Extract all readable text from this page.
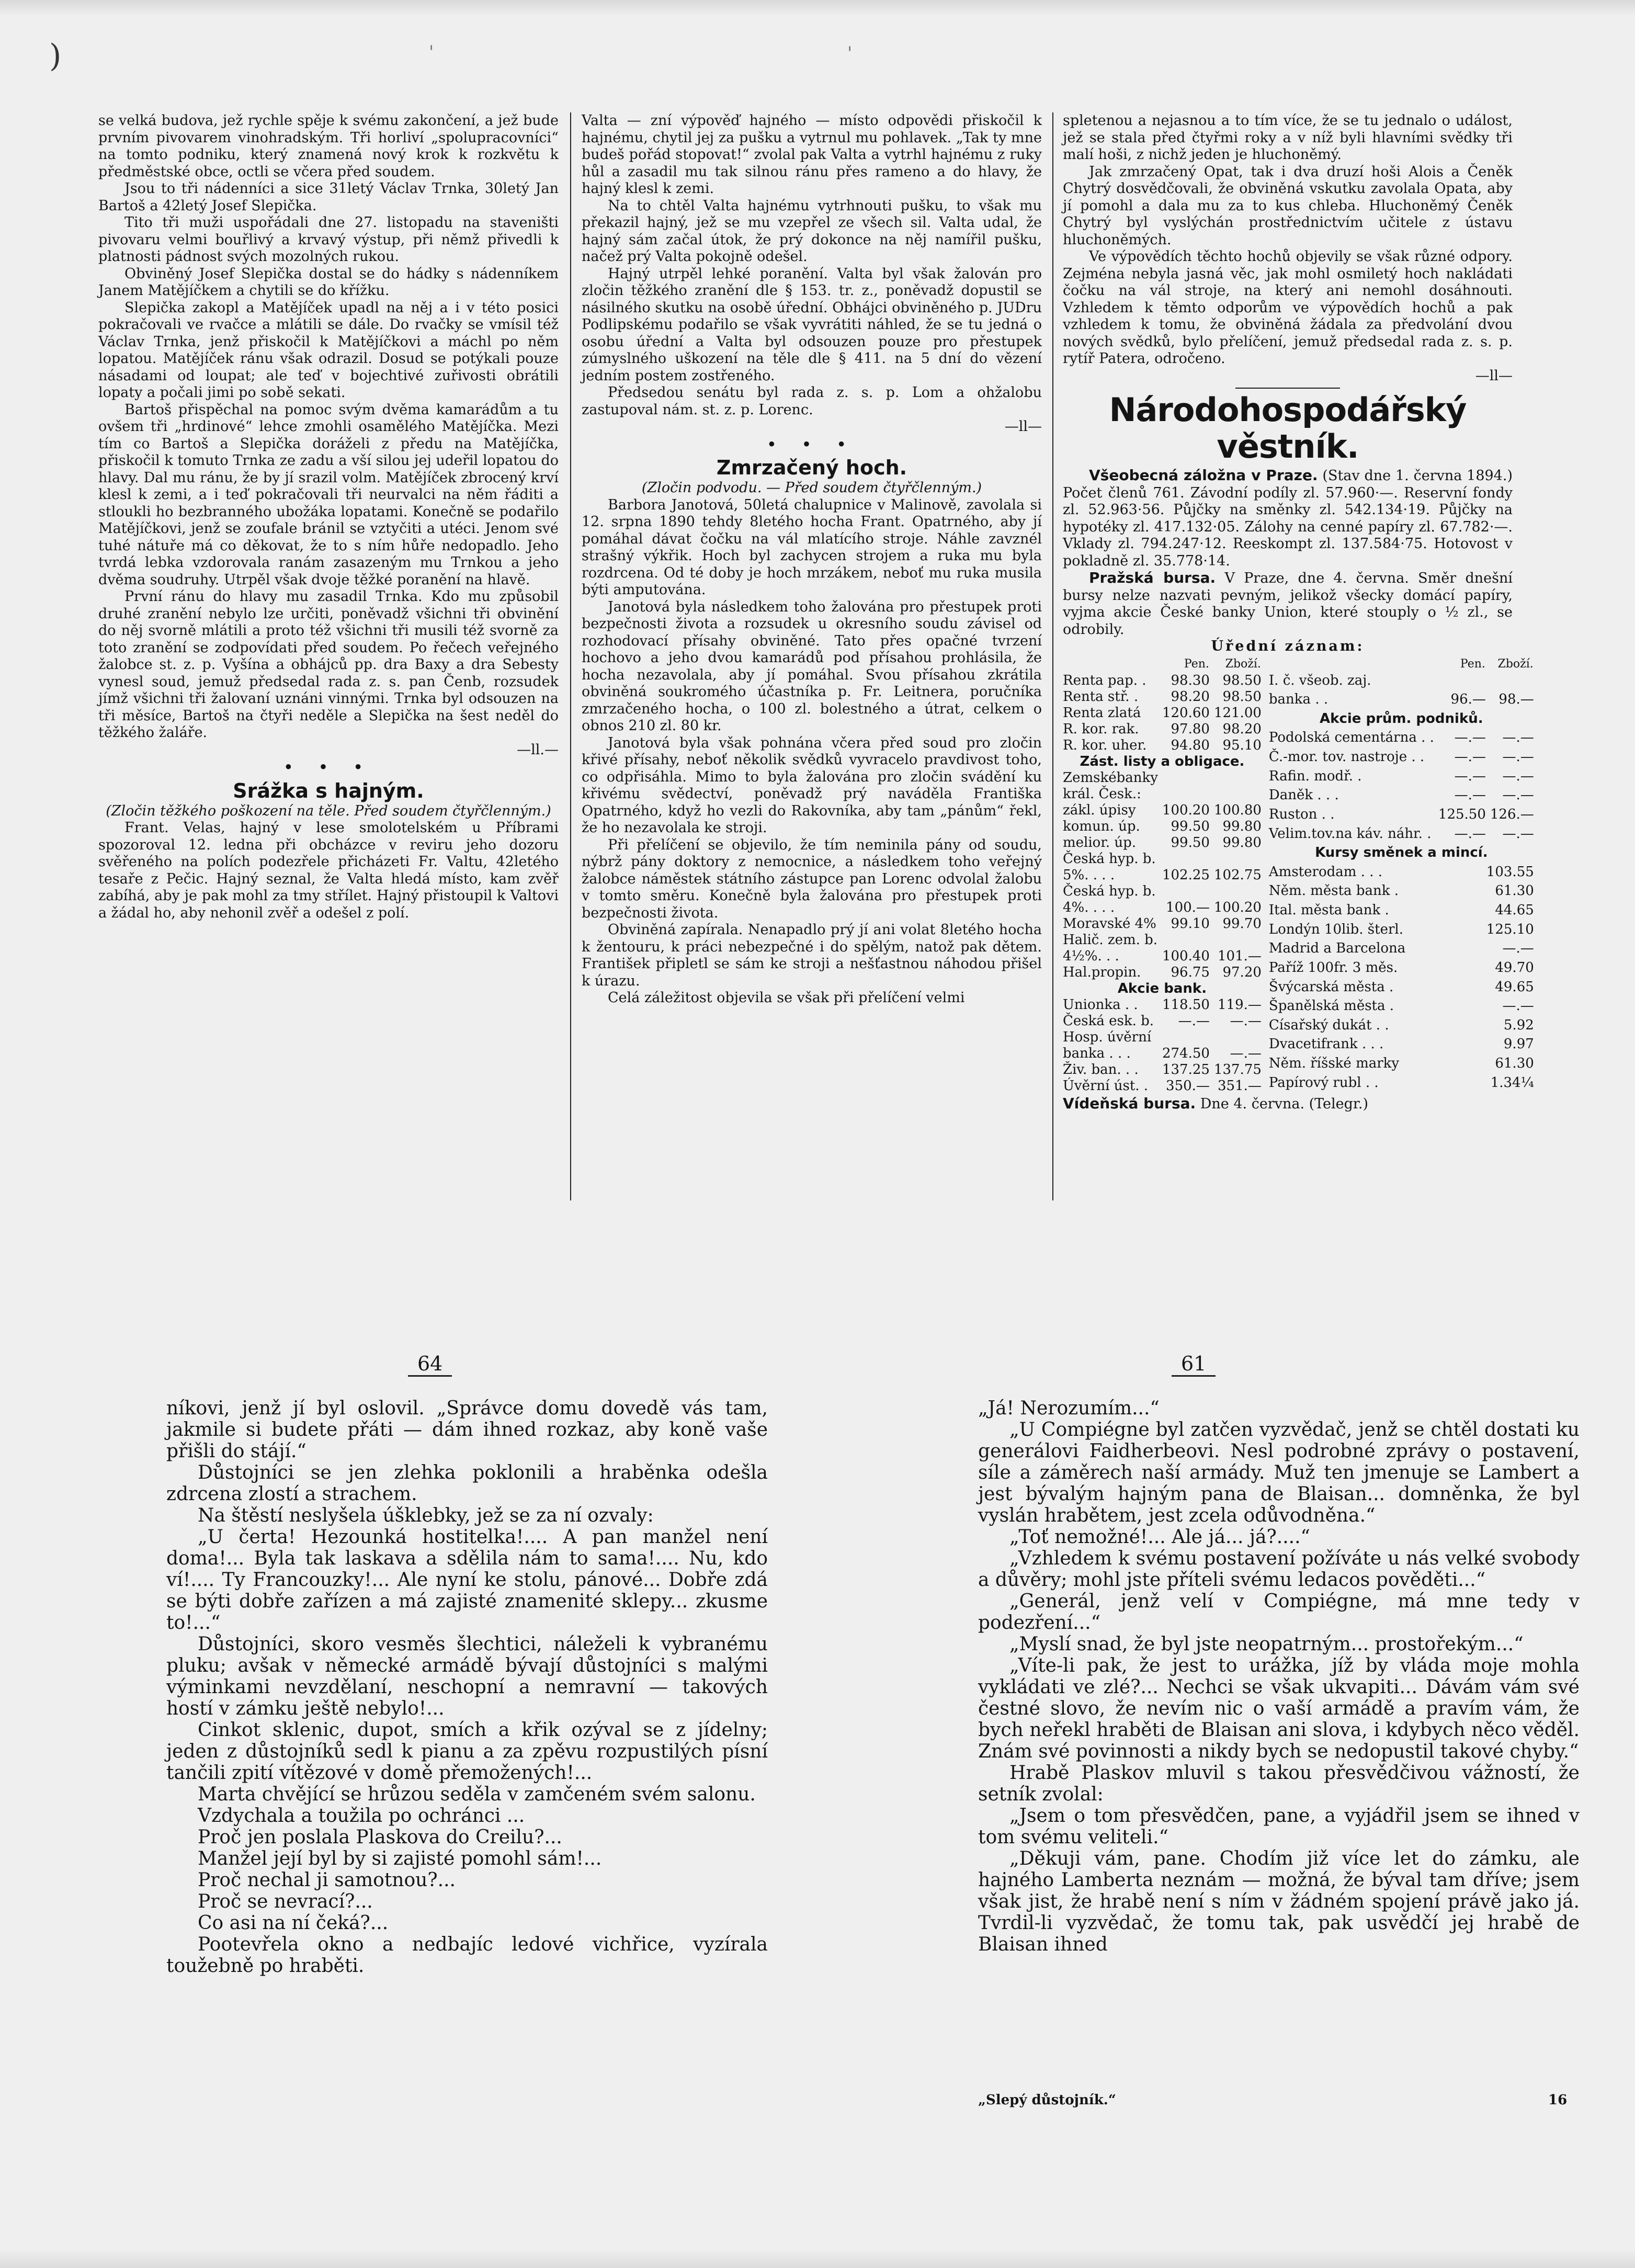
)	'	'

se velká budova, jež rychle spěje k svému zakončení, a jež bude prvním pivovarem vinohradským. Tři horliví „spolupracovníci“ na tomto podniku, který znamená nový krok k rozkvětu k předměstské obce, octli se včera před soudem.

Jsou to tři nádenníci a sice 31letý Václav Trnka, 30letý Jan Bartoš a 42letý Josef Slepička.

Tito tři muži uspořádali dne 27. listopadu na staveništi pivovaru velmi bouřlivý a krvavý výstup, při němž přivedli k platnosti pádnost svých mozolných rukou.

Obviněný Josef Slepička dostal se do hádky s nádenníkem Janem Matějíčkem a chytili se do křížku.

Slepička zakopl a Matějíček upadl na něj a i v této posici pokračovali ve rvačce a mlátili se dále. Do rvačky se vmísil též Václav Trnka, jenž přiskočil k Matějíčkovi a máchl po něm lopatou. Matějíček ránu však odrazil. Dosud se potýkali pouze násadami od loupat; ale teď v bojechtivé zuřivosti obrátili lopaty a počali jimi po sobě sekati.

Bartoš přispěchal na pomoc svým dvěma kamarádům a tu ovšem tři „hrdinové“ lehce zmohli osamělého Matějíčka. Mezi tím co Bartoš a Slepička doráželi z předu na Matějíčka, přiskočil k tomuto Trnka ze zadu a vší silou jej udeřil lopatou do hlavy. Dal mu ránu, že by jí srazil volm. Matějíček zbrocený krví klesl k zemi, a i teď pokračovali tři neurvalci na něm řáditi a stloukli ho bezbranného ubožáka lopatami. Konečně se podařilo Matějíčkovi, jenž se zoufale bránil se vztyčiti a utéci. Jenom své tuhé nátuře má co děkovat, že to s ním hůře nedopadlo. Jeho tvrdá lebka vzdorovala ranám zasazeným mu Trnkou a jeho dvěma soudruhy. Utrpěl však dvoje těžké poranění na hlavě.

První ránu do hlavy mu zasadil Trnka. Kdo mu způsobil druhé zranění nebylo lze určiti, poněvadž všichni tři obvinění do něj svorně mlátili a proto též všichni tři musili též svorně za toto zranění se zodpovídati před soudem. Po řečech veřejného žalobce st. z. p. Vyšína a obhájců pp. dra Baxy a dra Sebesty vynesl soud, jemuž předsedal rada z. s. pan Čenb, rozsudek jímž všichni tři žalovaní uznáni vinnými. Trnka byl odsouzen na tři měsíce, Bartoš na čtyři neděle a Slepička na šest neděl do těžkého žaláře.

—ll.—

• • •

Srážka s hajným.

(Zločin těžkého poškození na těle. Před soudem čtyřčlenným.)

Frant. Velas, hajný v lese smolotelském u Příbrami spozoroval 12. ledna při obcházce v reviru jeho dozoru svěřeného na polích podezřele přicházeti Fr. Valtu, 42letého tesaře z Pečic. Hajný seznal, že Valta hledá místo, kam zvěř zabíhá, aby je pak mohl za tmy střílet. Hajný přistoupil k Valtovi a žádal ho, aby nehonil zvěř a odešel z polí.

Valta — zní výpověď hajného — místo odpovědi přiskočil k hajnému, chytil jej za pušku a vytrnul mu pohlavek. „Tak ty mne budeš pořád stopovat!“ zvolal pak Valta a vytrhl hajnému z ruky hůl a zasadil mu tak silnou ránu přes rameno a do hlavy, že hajný klesl k zemi.

Na to chtěl Valta hajnému vytrhnouti pušku, to však mu překazil hajný, jež se mu vzepřel ze všech sil. Valta udal, že hajný sám začal útok, že prý dokonce na něj namířil pušku, načež prý Valta pokojně odešel.

Hajný utrpěl lehké poranění. Valta byl však žalován pro zločin těžkého zranění dle § 153. tr. z., poněvadž dopustil se násilného skutku na osobě úřední. Obhájci obviněného p. JUDru Podlipskému podařilo se však vyvrátiti náhled, že se tu jedná o osobu úřední a Valta byl odsouzen pouze pro přestupek zúmyslného uškození na těle dle § 411. na 5 dní do vězení jedním postem zostřeného.

Předsedou senátu byl rada z. s. p. Lom a ohžalobu zastupoval nám. st. z. p. Lorenc.

—ll—

• • •

Zmrzačený hoch.

(Zločin podvodu. — Před soudem čtyřčlenným.)

Barbora Janotová, 50letá chalupnice v Malinově, zavolala si 12. srpna 1890 tehdy 8letého hocha Frant. Opatrného, aby jí pomáhal dávat čočku na vál mlatícího stroje. Náhle zavznél strašný výkřik. Hoch byl zachycen strojem a ruka mu byla rozdrcena. Od té doby je hoch mrzákem, neboť mu ruka musila býti amputována.

Janotová byla následkem toho žalována pro přestupek proti bezpečnosti života a rozsudek u okresního soudu závisel od rozhodovací přísahy obviněné. Tato přes opačné tvrzení hochovo a jeho dvou kamarádů pod přísahou prohlásila, že hocha nezavolala, aby jí pomáhal. Svou přísahou zkrátila obviněná soukromého účastníka p. Fr. Leitnera, poručníka zmrzačeného hocha, o 100 zl. bolestného a útrat, celkem o obnos 210 zl. 80 kr.

Janotová byla však pohnána včera před soud pro zločin křivé přísahy, neboť několik svědků vyvracelo pravdivost toho, co odpřisáhla. Mimo to byla žalována pro zločin svádění ku křivému svědectví, poněvadž prý naváděla Františka Opatrného, když ho vezli do Rakovníka, aby tam „pánům“ řekl, že ho nezavolala ke stroji.

Při přelíčení se objevilo, že tím neminila pány od soudu, nýbrž pány doktory z nemocnice, a následkem toho veřejný žalobce náměstek státního zástupce pan Lorenc odvolal žalobu v tomto směru. Konečně byla žalována pro přestupek proti bezpečnosti života.

Obviněná zapírala. Nenapadlo prý jí ani volat 8letého hocha k žentouru, k práci nebezpečné i do spělým, natož pak dětem. František připletl se sám ke stroji a nešťastnou náhodou přišel k úrazu.

Celá záležitost objevila se však při přelíčení velmi

spletenou a nejasnou a to tím více, že se tu jednalo o událost, jež se stala před čtyřmi roky a v níž byli hlavními svědky tři malí hoši, z nichž jeden je hluchoněmý.

Jak zmrzačený Opat, tak i dva druzí hoši Alois a Čeněk Chytrý dosvědčovali, že obviněná vskutku zavolala Opata, aby jí pomohl a dala mu za to kus chleba. Hluchoněmý Čeněk Chytrý byl vyslýchán prostřednictvím učitele z ústavu hluchoněmých.

Ve výpovědích těchto hochů objevily se však různé odpory. Zejména nebyla jasná věc, jak mohl osmiletý hoch nakládati čočku na vál stroje, na který ani nemohl dosáhnouti. Vzhledem k těmto odporům ve výpovědích hochů a pak vzhledem k tomu, že obviněná žádala za předvolání dvou nových svědků, bylo přelíčení, jemuž předsedal rada z. s. p. rytíř Patera, odročeno.

—ll—

Národohospodářský věstník.

Všeobecná záložna v Praze. (Stav dne 1. června 1894.) Počet členů 761. Závodní podíly zl. 57.960·—. Reservní fondy zl. 52.963·56. Půjčky na směnky zl. 542.134·19. Půjčky na hypotéky zl. 417.132·05. Zálohy na cenné papíry zl. 67.782·—. Vklady zl. 794.247·12. Reeskompt zl. 137.584·75. Hotovost v pokladně zl. 35.778·14.

Pražská bursa. V Praze, dne 4. června. Směr dnešní bursy nelze nazvati pevným, jelikož všecky domácí papíry, vyjma akcie České banky Union, které stouply o ½ zl., se odrobily.

Úřední záznam:

	Pen.	Zboží.
Renta pap. .	98.30	98.50
Renta stř. .	98.20	98.50
Renta zlatá	120.60	121.00
R. kor. rak.	97.80	98.20
R. kor. uher.	94.80	95.10
Zást. listy a obligace.		
Zemskébanky		
král. Česk.:		
zákl. úpisy	100.20	100.80
komun. úp.	99.50	99.80
melior. úp.	99.50	99.80
Česká hyp. b.		
5%. . . .	102.25	102.75
Česká hyp. b.		
4%. . . .	100.—	100.20
Moravské 4%	99.10	99.70
Halič. zem. b.		
4½%. . .	100.40	101.—
Hal.propin.	96.75	97.20
Akcie bank.		
Unionka . .	118.50	119.—
Česká esk. b.	—.—	—.—
Hosp. úvěrní		
banka . . .	274.50	—.—
Živ. ban. . .	137.25	137.75
Úvěrní úst. .	350.—	351.—
	Pen.	Zboží.
I. č. všeob. zaj.		
banka . .	96.—	98.—
Akcie prům. podniků.		
Podolská cementárna . .	—.—	—.—
Č.-mor. tov. nastroje . .	—.—	—.—
Rafin. modř. .	—.—	—.—
Daněk . . .	—.—	—.—
Ruston . .	125.50	126.—
Velim.tov.na káv. náhr. .	—.—	—.—
Kursy směnek a mincí.		
Amsterodam . . .	103.55	
Něm. města bank .	61.30	
Ital. města bank .	44.65	
Londýn 10lib. šterl.	125.10	
Madrid a Barcelona	—.—	
Paříž 100fr. 3 měs.	49.70	
Švýcarská města .	49.65	
Španělská města .	—.—	
Císařský dukát . .	5.92	
Dvacetifrank . . .	9.97	
Něm. říšské marky	61.30	
Papírový rubl . .	1.34¼	

Vídeňská bursa. Dne 4. června. (Telegr.)

64	61

níkovi, jenž jí byl oslovil. „Správce domu dovedě vás tam, jakmile si budete přáti — dám ihned rozkaz, aby koně vaše přišli do stájí.“

Důstojníci se jen zlehka poklonili a hraběnka odešla zdrcena zlostí a strachem.

Na štěstí neslyšela úšklebky, jež se za ní ozvaly:

„U čerta! Hezounká hostitelka!.... A pan manžel není doma!... Byla tak laskava a sdělila nám to sama!.... Nu, kdo ví!.... Ty Francouzky!... Ale nyní ke stolu, pánové... Dobře zdá se býti dobře zařízen a má zajisté znamenité sklepy... zkusme to!...“

Důstojníci, skoro vesměs šlechtici, náleželi k vybranému pluku; avšak v německé armádě bývají důstojníci s malými výminkami nevzdělaní, neschopní a nemravní — takových hostí v zámku ještě nebylo!...

Cinkot sklenic, dupot, smích a křik ozýval se z jídelny; jeden z důstojníků sedl k pianu a za zpěvu rozpustilých písní tančili zpití vítězové v domě přemožených!...

Marta chvějící se hrůzou seděla v zamčeném svém salonu.

Vzdychala a toužila po ochránci ...

Proč jen poslala Plaskova do Creilu?...

Manžel její byl by si zajisté pomohl sám!...

Proč nechal ji samotnou?...

Proč se nevrací?...

Co asi na ní čeká?...

Pootevřela okno a nedbajíc ledové vichřice, vyzírala toužebně po hraběti.

„Já! Nerozumím...“

„U Compiégne byl zatčen vyzvědač, jenž se chtěl dostati ku generálovi Faidherbeovi. Nesl podrobné zprávy o postavení, síle a záměrech naší armády. Muž ten jmenuje se Lambert a jest bývalým hajným pana de Blaisan... domněnka, že byl vyslán hrabětem, jest zcela odůvodněna.“

„Toť nemožné!... Ale já... já?....“

„Vzhledem k svému postavení požíváte u nás velké svobody a důvěry; mohl jste příteli svému ledacos pověděti...“

„Generál, jenž velí v Compiégne, má mne tedy v podezření...“

„Myslí snad, že byl jste neopatrným... prostořekým...“

„Víte-li pak, že jest to urážka, jíž by vláda moje mohla vykládati ve zlé?... Nechci se však ukvapiti... Dávám vám své čestné slovo, že nevím nic o vaší armádě a pravím vám, že bych neřekl hraběti de Blaisan ani slova, i kdybych něco věděl. Znám své povinnosti a nikdy bych se nedopustil takové chyby.“

Hrabě Plaskov mluvil s takou přesvědčivou vážností, že setník zvolal:

„Jsem o tom přesvědčen, pane, a vyjádřil jsem se ihned v tom svému veliteli.“

„Děkuji vám, pane. Chodím již více let do zámku, ale hajného Lamberta neznám — možná, že býval tam dříve; jsem však jist, že hrabě není s ním v žádném spojení právě jako já. Tvrdil-li vyzvědač, že tomu tak, pak usvědčí jej hrabě de Blaisan ihned

„Slepý důstojník.“	16
